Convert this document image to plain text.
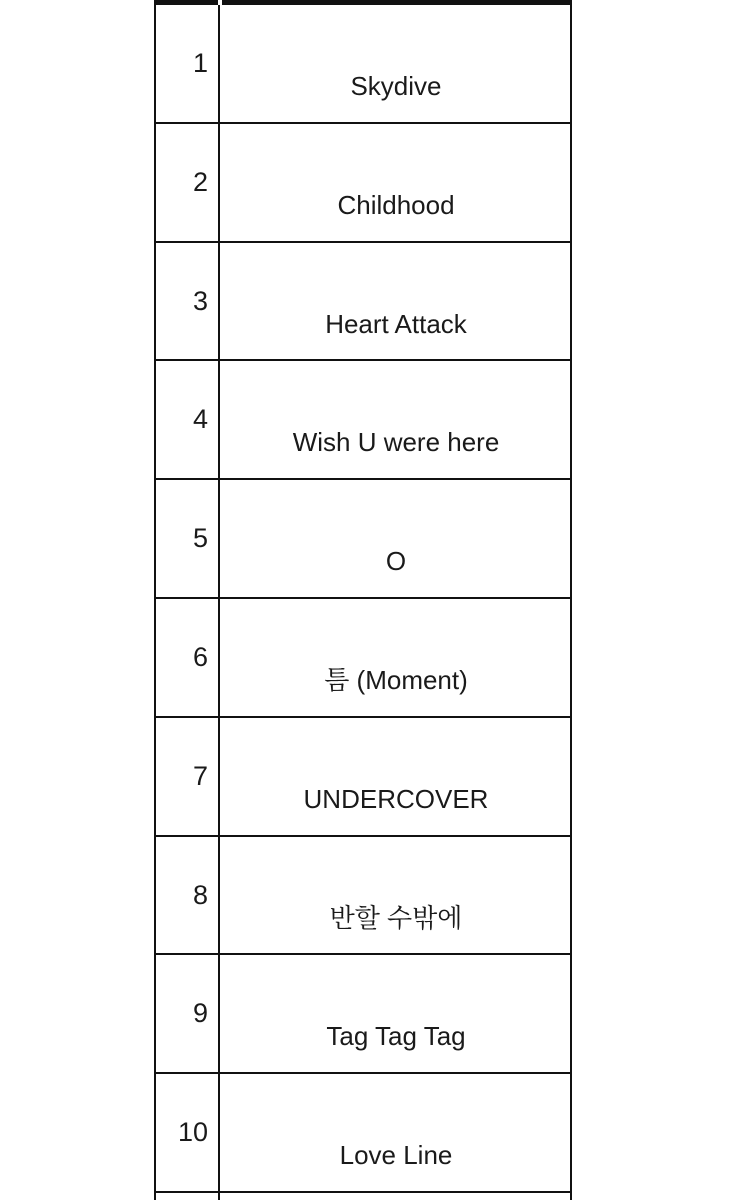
1
Skydive
2
Childhood
3
Heart Attack
4
Wish U were here
5
O
6
틈 (Moment)
7
UNDERCOVER
8
반할 수밖에
9
Tag Tag Tag
10
Love Line
